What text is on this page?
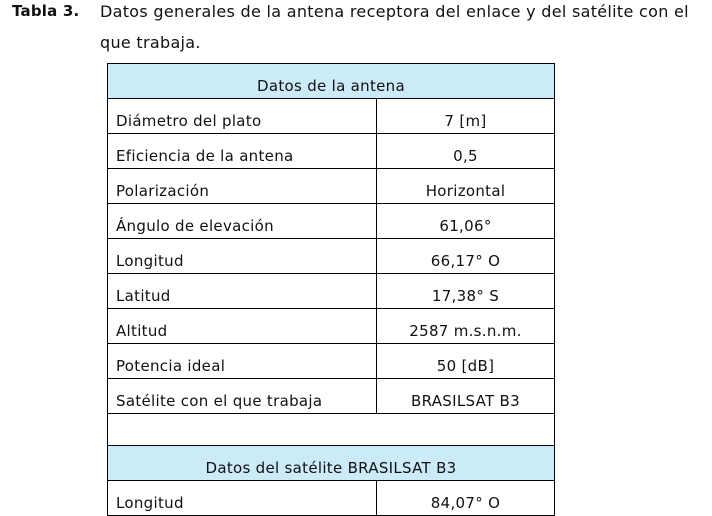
Tabla 3. Datos generales de la antena receptora del enlace y del satélite con el
que trabaja.
Datos de la antena	
Diámetro del plato	7 [m]
Eficiencia de la antena	0,5
Polarización	Horizontal
Ángulo de elevación	61,06°
Longitud	66,17° O
Latitud	17,38° S
Altitud	2587 m.s.n.m.
Potencia ideal	50 [dB]
Satélite con el que trabaja	BRASILSAT B3

Datos del satélite BRASILSAT B3	
Longitud	84,07° O
